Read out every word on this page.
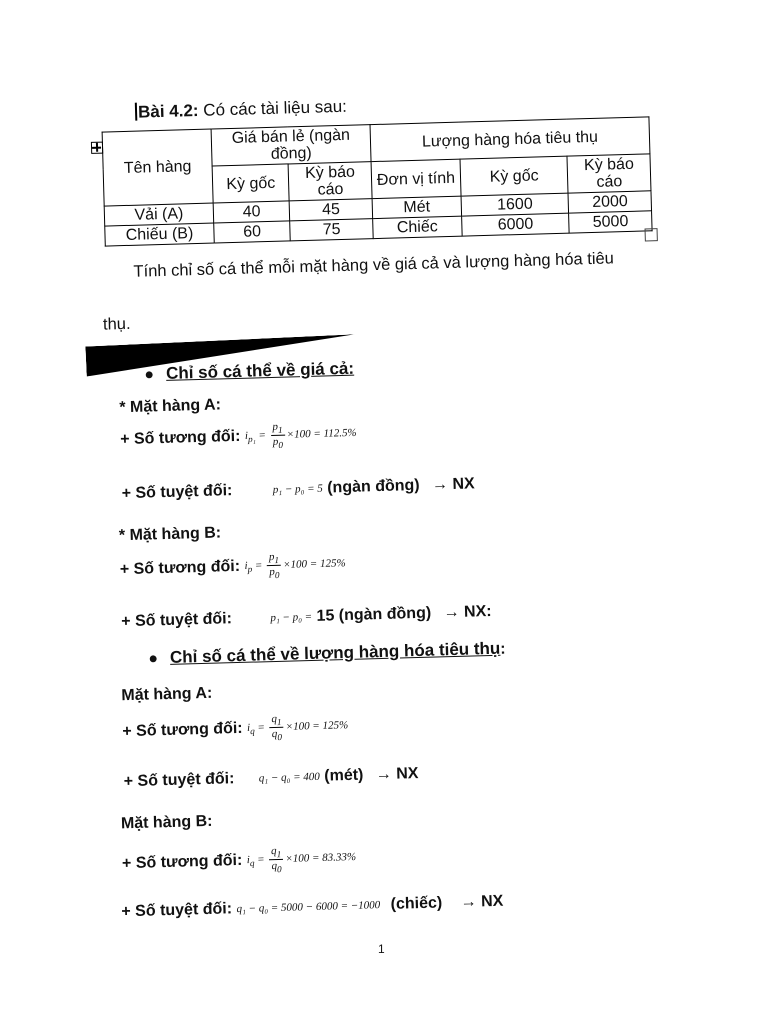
Bài 4.2: Có các tài liệu sau:
Tên hàng	Giá bán lẻ (ngàn đồng)		Lượng hàng hóa tiêu thụ		
	Kỳ gốc	Kỳ báo cáo	Đơn vị tính	Kỳ gốc	Kỳ báo cáo
Vải (A)	40	45	Mét	1600	2000
Chiếu (B)	60	75	Chiếc	6000	5000
Tính chỉ số cá thể mỗi mặt hàng về giá cả và lượng hàng hóa tiêu
thụ.
● Chỉ số cá thể về giá cả:
* Mặt hàng A:
+ Số tương đối: $i_{p_1} = \frac{p_1}{p_0} \times 100 = 112.5\%$
+ Số tuyệt đối:	p₁ − p₀ = 5 (ngàn đồng) → NX
* Mặt hàng B:
+ Số tương đối: $i_p = \frac{p_1}{p_0} \times 100 = 125\%$
+ Số tuyệt đối:	p₁ − p₀ = 15 (ngàn đồng) → NX:
● Chỉ số cá thể về lượng hàng hóa tiêu thụ:
Mặt hàng A:
+ Số tương đối: $i_q = \frac{q_1}{q_0} \times 100 = 125\%$
+ Số tuyệt đối: q₁ − q₀ = 400 (mét) → NX
Mặt hàng B:
+ Số tương đối: $i_q = \frac{q_1}{q_0} \times 100 = 83.33\%$
+ Số tuyệt đối: q₁ − q₀ = 5000 − 6000 = −1000 (chiếc) → NX
1
